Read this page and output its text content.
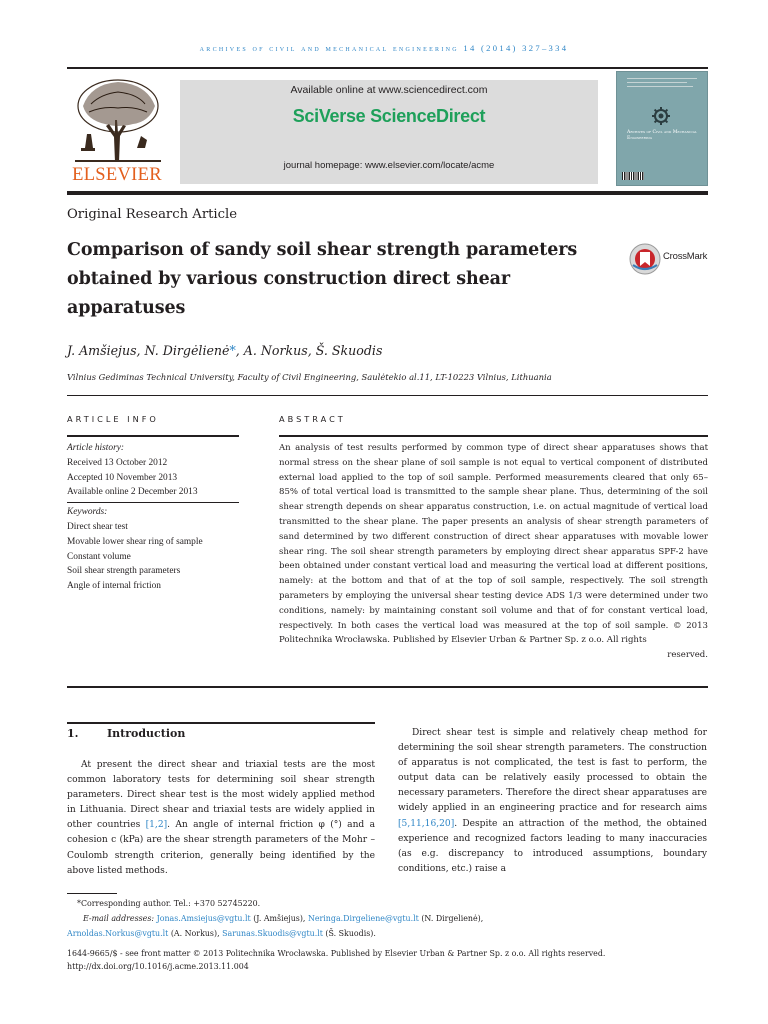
archives of civil and mechanical engineering 14 (2014) 327–334
ELSEVIER
Available online at www.sciencedirect.com
SciVerse ScienceDirect
journal homepage: www.elsevier.com/locate/acme
Archives of Civil and Mechanical Engineering
Original Research Article
Comparison of sandy soil shear strength parameters obtained by various construction direct shear apparatuses
CrossMark
J. Amšiejus, N. Dirgėlienė*, A. Norkus, Š. Skuodis
Vilnius Gediminas Technical University, Faculty of Civil Engineering, Saulėtekio al.11, LT-10223 Vilnius, Lithuania
ARTICLE INFO	ABSTRACT
Article history:
Received 13 October 2012
Accepted 10 November 2013
Available online 2 December 2013
Keywords:
Direct shear test
Movable lower shear ring of sample
Constant volume
Soil shear strength parameters
Angle of internal friction

An analysis of test results performed by common type of direct shear apparatuses shows that normal stress on the shear plane of soil sample is not equal to vertical component of distributed external load applied to the top of soil sample. Performed measurements cleared that only 65–85% of total vertical load is transmitted to the sample shear plane. Thus, determining of the soil shear strength depends on shear apparatus construction, i.e. on actual magnitude of vertical load transmitted to the shear plane. The paper presents an analysis of shear strength parameters of sand determined by two different construction of direct shear apparatuses with movable lower shear ring. The soil shear strength parameters by employing direct shear apparatus SPF-2 have been obtained under constant vertical load and measuring the vertical load at different positions, namely: at the bottom and that of at the top of soil sample, respectively. The soil strength parameters by employing the universal shear testing device ADS 1/3 were determined under two conditions, namely: by maintaining constant soil volume and that of for constant vertical load, respectively. In both cases the vertical load was measured at the top of soil sample. © 2013 Politechnika Wrocławska. Published by Elsevier Urban & Partner Sp. z o.o. All rights

reserved.
1.	Introduction

At present the direct shear and triaxial tests are the most common laboratory tests for determining soil shear strength parameters. Direct shear test is the most widely applied method in Lithuania. Direct shear and triaxial tests are widely applied in other countries [1,2]. An angle of internal friction φ (°) and a cohesion c (kPa) are the shear strength parameters of the Mohr – Coulomb strength criterion, generally being identified by the above listed methods.

Direct shear test is simple and relatively cheap method for determining the soil shear strength parameters. The construction of apparatus is not complicated, the test is fast to perform, the output data can be relatively easily processed to obtain the necessary parameters. Therefore the direct shear apparatuses are widely applied in an engineering practice and for research aims [5,11,16,20]. Despite an attraction of the method, the obtained experience and recognized factors leading to many inaccuracies (as e.g. discrepancy to introduced assumptions, boundary conditions, etc.) raise a

*Corresponding author. Tel.: +370 52745220.
E-mail addresses: Jonas.Amsiejus@vgtu.lt (J. Amšiejus), Neringa.Dirgeliene@vgtu.lt (N. Dirgelienė),
Arnoldas.Norkus@vgtu.lt (A. Norkus), Sarunas.Skuodis@vgtu.lt (Š. Skuodis).
1644-9665/$ - see front matter © 2013 Politechnika Wrocławska. Published by Elsevier Urban & Partner Sp. z o.o. All rights reserved.
http://dx.doi.org/10.1016/j.acme.2013.11.004
